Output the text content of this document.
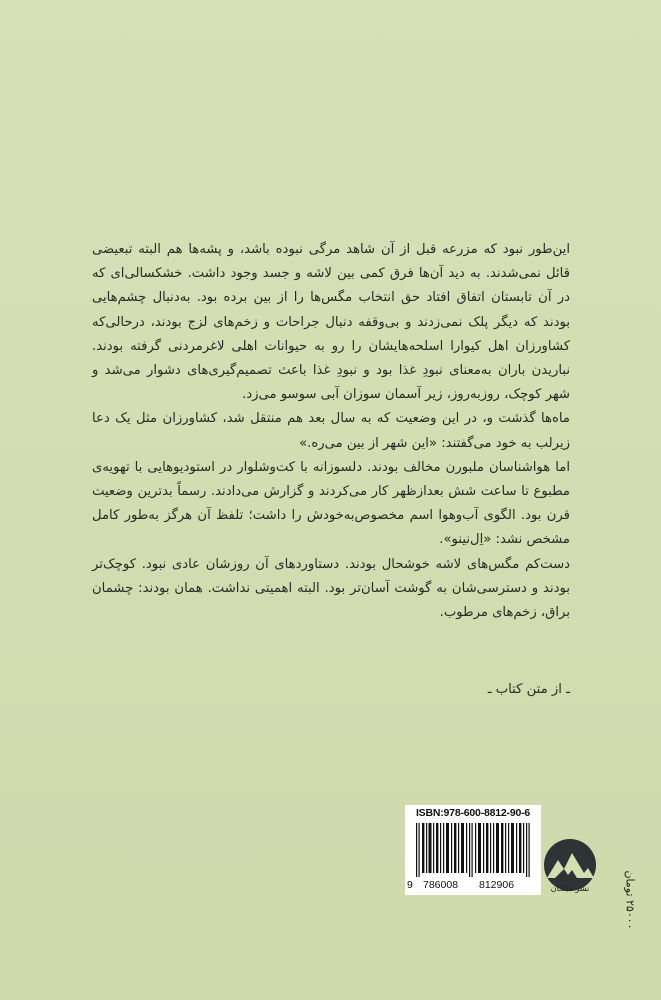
این‌طور نبود که مزرعه قبل از آن شاهد مرگی نبوده باشد، و پشه‌ها هم البته تبعیضی قائل نمی‌شدند. به دید آن‌ها فرق کمی بین لاشه و جسد وجود داشت. خشکسالی‌ای که در آن تابستان اتفاق افتاد حق انتخاب مگس‌ها را از بین برده بود. به‌دنبال چشم‌هایی بودند که دیگر پلک نمی‌زدند و بی‌وقفه دنبال جراحات و زخم‌های لزج بودند، درحالی‌که کشاورزان اهل کیوارا اسلحه‌هایشان را رو به حیوانات اهلی لاغرمردنی گرفته بودند. نباریدن باران به‌معنای نبودِ غذا بود و نبودِ غذا باعث تصمیم‌گیری‌های دشوار می‌شد و شهر کوچک، روزبه‌روز، زیر آسمان سوزان آبی سوسو می‌زد.

ماه‌ها گذشت و، در این وضعیت که به سال بعد هم منتقل شد، کشاورزان مثل یک دعا زیرلب به خود می‌گفتند: «این شهر از بین می‌ره.»

اما هواشناسان ملبورن مخالف بودند. دلسوزانه با کت‌وشلوار در استودیوهایی با تهویه‌ی مطبوع تا ساعت شش بعدازظهر کار می‌کردند و گزارش می‌دادند. رسماً بدترین وضعیت قرن بود. الگوی آب‌وهوا اسم مخصوص‌به‌خودش را داشت؛ تلفظ آن هرگز به‌طور کامل مشخص نشد: «اِل‌نینو».

دست‌کم مگس‌های لاشه خوشحال بودند. دستاوردهای آن روزشان عادی نبود. کوچک‌تر بودند و دسترسی‌شان به گوشت آسان‌تر بود. البته اهمیتی نداشت. همان بودند: چشمان براق، زخم‌های مرطوب.

ـ از متن کتاب ـ
ISBN:978-600-8812-90-6
9 786008 812906	نشر میلکان	۲۵۰۰۰ تومان
